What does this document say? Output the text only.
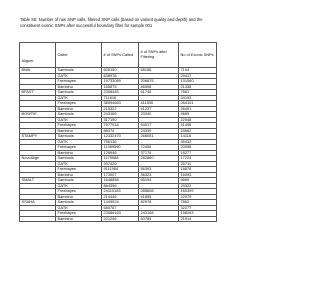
Table S5: Number of raw SNP calls, filtered SNP calls (based on variant quality and depth) and the constituent exonic SNPs after successful boundary filter for sample 001
Aligner	Caller	# of SNPs Called	# of SNPs after Filtering	No of Exonic SNPs
BWA	Samtools	605150	58156	7104
	GATK	638976	-	29417
	Freebayes	19733089	206875	131060
	Bambino	165875	46598	21338
BFAST	Samtools	2308445	61748	7661
	GATK	711616	-	34193
	Freebayes	38094663	411530	264101
	Bambino	215322	41237	26491
BOWTIE	Samtools	243165	23340	9669
	GATK	317190	-	22048
	Freebayes	7677918	94017	51496
	Bambino	88374	24339	15662
STAMPY	Samtools	12332470	266051	14116
	GATK	756136	-	35432
	Freebayes	11389560	72456	20058
	Bambino	126946	37176	18277
NovoAlign	Samtools	1179988	282860	17224
	GATK	937420	-	25711
	Freebayes	9111984	56393	18878
	Bambino	173007	36323	16093
SMALT	Samtools	1648858	65194	5669
	GATK	864396	-	29322
	Freebayes	24110183	285608	165399
	Bambino	214446	41855	22079
SSAHA	Samtools	1445524	82978	7862
	GATK	680767	-	32277
	Freebayes	23086163	243108	158263
	Bambino	221246	40785	21914
